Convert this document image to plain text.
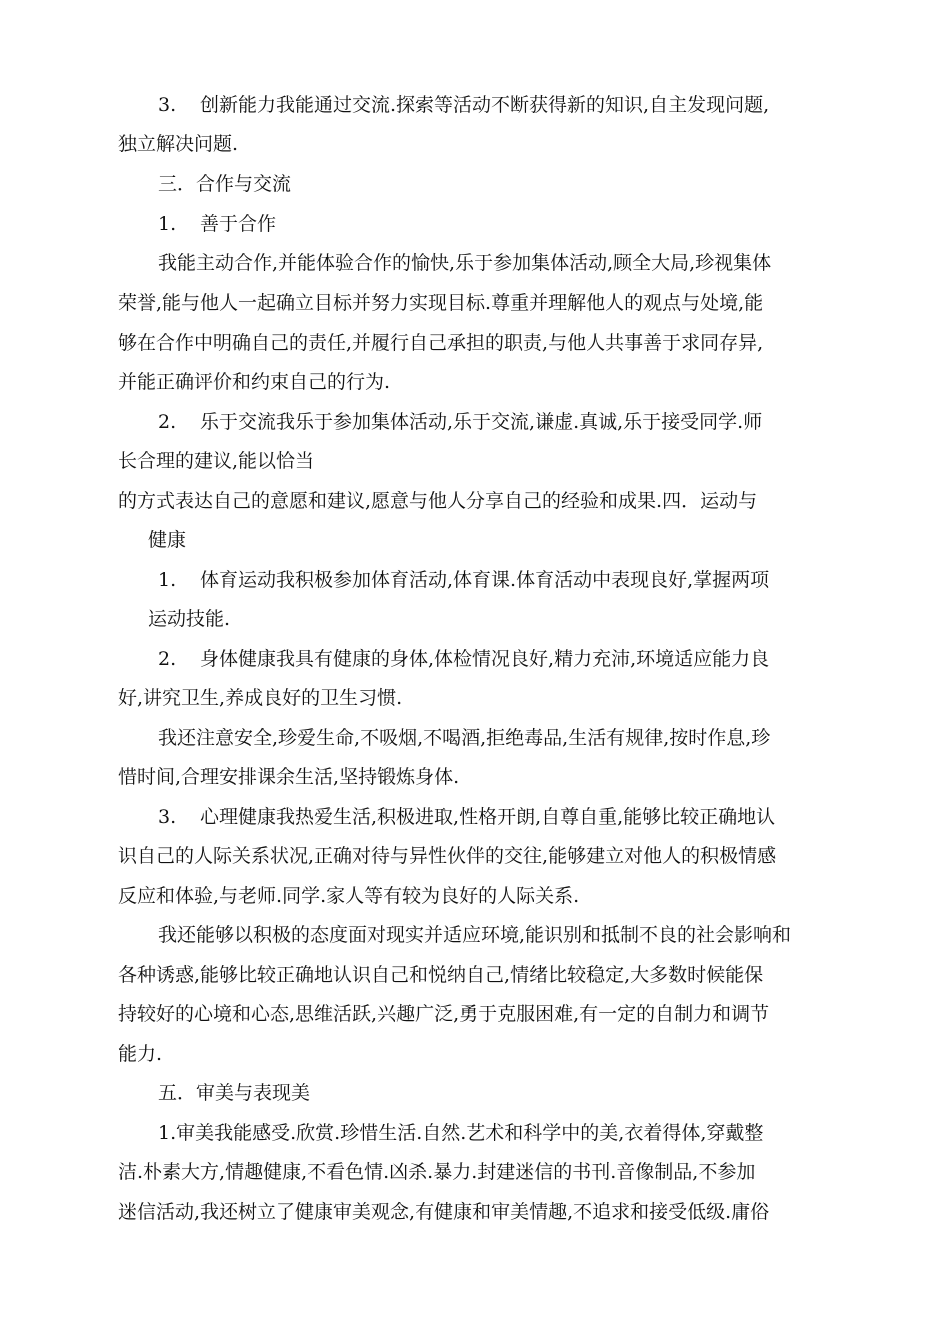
3. 创新能力我能通过交流.探索等活动不断获得新的知识,自主发现问题,
独立解决问题.
三．合作与交流
1. 善于合作
我能主动合作,并能体验合作的愉快,乐于参加集体活动,顾全大局,珍视集体
荣誉,能与他人一起确立目标并努力实现目标.尊重并理解他人的观点与处境,能
够在合作中明确自己的责任,并履行自己承担的职责,与他人共事善于求同存异,
并能正确评价和约束自己的行为.
2. 乐于交流我乐于参加集体活动,乐于交流,谦虚.真诚,乐于接受同学.师
长合理的建议,能以恰当
的方式表达自己的意愿和建议,愿意与他人分享自己的经验和成果.四．运动与
健康
1. 体育运动我积极参加体育活动,体育课.体育活动中表现良好,掌握两项
运动技能.
2. 身体健康我具有健康的身体,体检情况良好,精力充沛,环境适应能力良
好,讲究卫生,养成良好的卫生习惯.
我还注意安全,珍爱生命,不吸烟,不喝酒,拒绝毒品,生活有规律,按时作息,珍
惜时间,合理安排课余生活,坚持锻炼身体.
3. 心理健康我热爱生活,积极进取,性格开朗,自尊自重,能够比较正确地认
识自己的人际关系状况,正确对待与异性伙伴的交往,能够建立对他人的积极情感
反应和体验,与老师.同学.家人等有较为良好的人际关系.
我还能够以积极的态度面对现实并适应环境,能识别和抵制不良的社会影响和
各种诱惑,能够比较正确地认识自己和悦纳自己,情绪比较稳定,大多数时候能保
持较好的心境和心态,思维活跃,兴趣广泛,勇于克服困难,有一定的自制力和调节
能力.
五．审美与表现美
1.审美我能感受.欣赏.珍惜生活.自然.艺术和科学中的美,衣着得体,穿戴整
洁.朴素大方,情趣健康,不看色情.凶杀.暴力.封建迷信的书刊.音像制品,不参加
迷信活动,我还树立了健康审美观念,有健康和审美情趣,不追求和接受低级.庸俗
